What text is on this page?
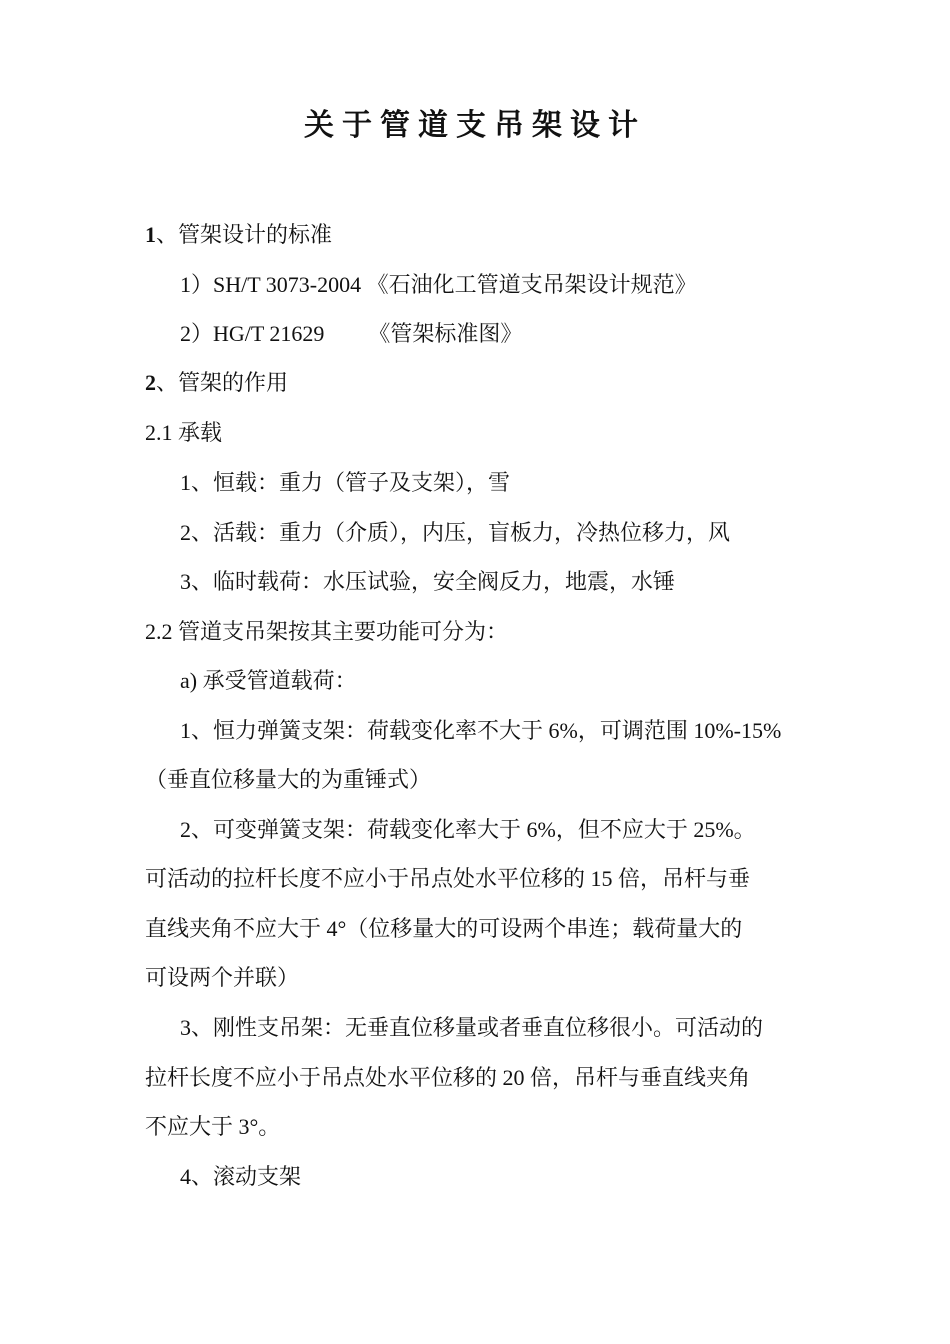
关于管道支吊架设计
1、管架设计的标准
1）SH/T 3073-2004 《石油化工管道支吊架设计规范》
2）HG/T 21629        《管架标准图》
2、管架的作用
2.1 承载
1、恒载：重力（管子及支架），雪
2、活载：重力（介质），内压，盲板力，冷热位移力，风
3、临时载荷：水压试验，安全阀反力，地震，水锤
2.2 管道支吊架按其主要功能可分为：
a) 承受管道载荷：
1、恒力弹簧支架：荷载变化率不大于 6%，可调范围 10%-15%
（垂直位移量大的为重锤式）
2、可变弹簧支架：荷载变化率大于 6%，但不应大于 25%。
可活动的拉杆长度不应小于吊点处水平位移的 15 倍，吊杆与垂
直线夹角不应大于 4°（位移量大的可设两个串连；载荷量大的
可设两个并联）
3、刚性支吊架：无垂直位移量或者垂直位移很小。可活动的
拉杆长度不应小于吊点处水平位移的 20 倍，吊杆与垂直线夹角
不应大于 3°。
4、滚动支架
